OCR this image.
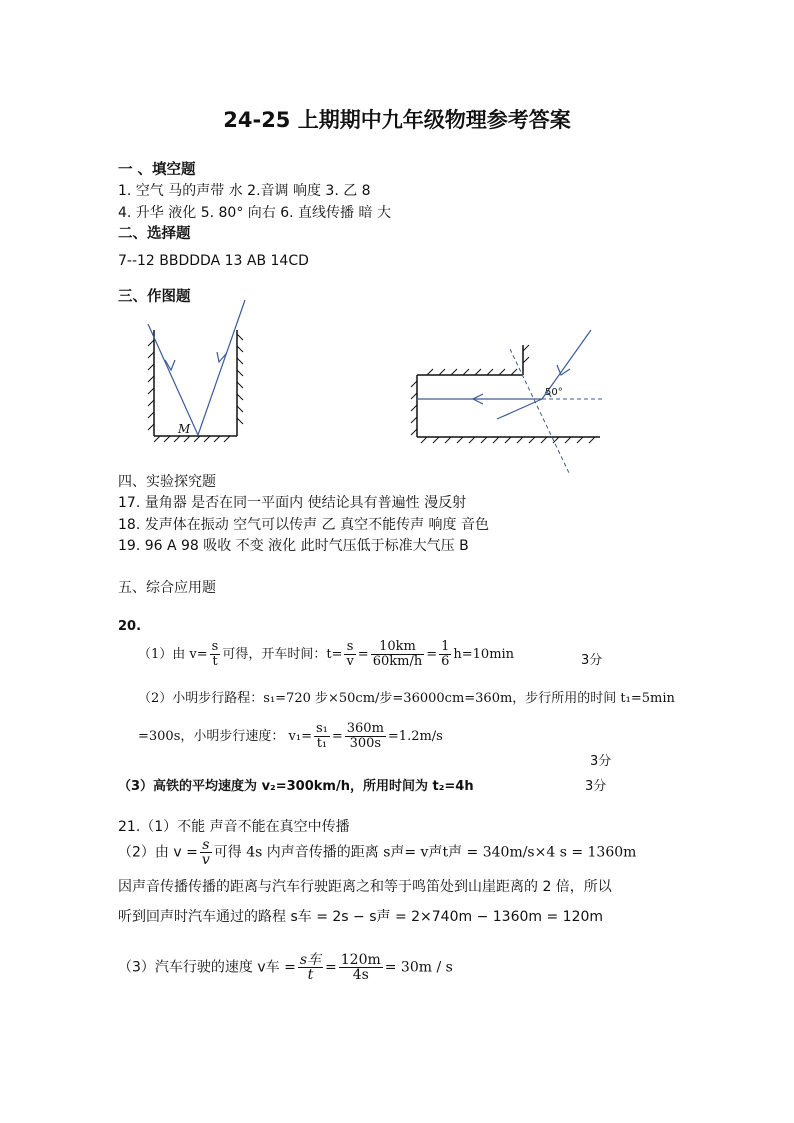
24-25 上期期中九年级物理参考答案
一 、填空题
1. 空气 马的声带 水 2.音调 响度 3. 乙 8
4. 升华 液化 5. 80° 向右 6. 直线传播 暗 大
二、选择题
7--12 BBDDDA 13 AB 14CD
三、作图题
M
50°
四、实验探究题
17. 量角器 是否在同一平面内 使结论具有普遍性 漫反射
18. 发声体在振动 空气可以传声 乙 真空不能传声 响度 音色
19. 96 A 98 吸收 不变 液化 此时气压低于标准大气压 B
五、综合应用题
20.
（1）由 $v= \frac{s}{t}$ 可得，开车时间：$t= \frac{s}{v} = \frac{10km}{60km/h} = \frac{1}{6} h=10\min$	3分
（2）小明步行路程：s₁=720 步×50cm/步=36000cm=360m，步行所用的时间 t₁=5min
=300s，小明步行速度： $v_1= \frac{\text{s₁}}{\text{t₁}} = \frac{360m}{300s} =1.2m/s$
3分
（3）高铁的平均速度为 v₂=300km/h，所用时间为 t₂=4h	3分
21.（1）不能 声音不能在真空中传播
（2）由 $v = \frac{s}{v}$ 可得 4s 内声音传播的距离 s声= v声t声 = 340m/s×4 s = 1360m
因声音传播传播的距离与汽车行驶距离之和等于鸣笛处到山崖距离的 2 倍，所以
听到回声时汽车通过的路程 s车 = 2s − s声 = 2×740m − 1360m = 120m
（3）汽车行驶的速度 v车 = $\frac{\text{s车}}{t} = \frac{120m}{4s} = 30m / s$
